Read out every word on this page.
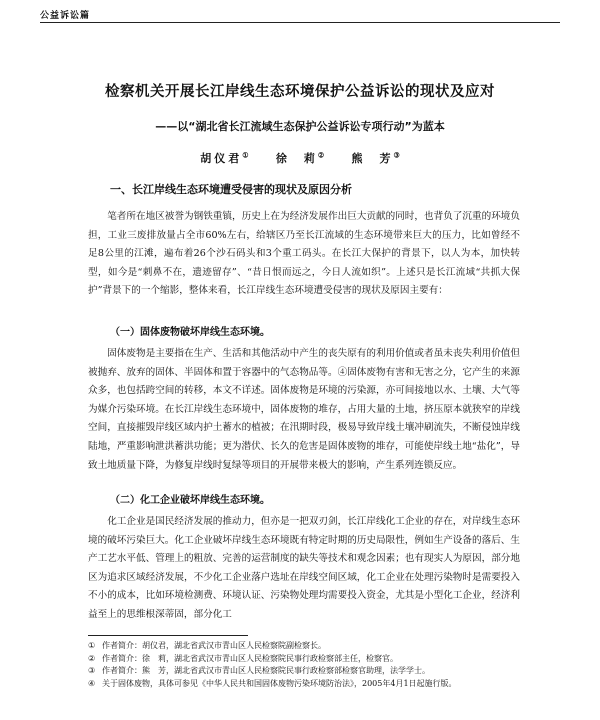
公益诉讼篇
检察机关开展长江岸线生态环境保护公益诉讼的现状及应对
——以“湖北省长江流域生态保护公益诉讼专项行动”为蓝本
胡仪君① 徐　莉② 熊　芳③
一、长江岸线生态环境遭受侵害的现状及原因分析

笔者所在地区被誉为钢铁重镇，历史上在为经济发展作出巨大贡献的同时，也背负了沉重的环境负担，工业三废排放量占全市60%左右，给辖区乃至长江流域的生态环境带来巨大的压力，比如曾经不足8公里的江滩，遍布着26个沙石码头和3个重工码头。在长江大保护的背景下，以人为本，加快转型，如今是“刺鼻不在，遗迹留存”、“昔日恨而远之，今日人流如织”。上述只是长江流域“共抓大保护”背景下的一个缩影，整体来看，长江岸线生态环境遭受侵害的现状及原因主要有：

（一）固体废物破坏岸线生态环境。

固体废物是主要指在生产、生活和其他活动中产生的丧失原有的利用价值或者虽未丧失利用价值但被抛弃、放弃的固体、半固体和置于容器中的气态物品等。④固体废物有害和无害之分，它产生的来源众多，也包括跨空间的转移，本文不详述。固体废物是环境的污染源，亦可间接地以水、土壤、大气等为媒介污染环境。在长江岸线生态环境中，固体废物的堆存，占用大量的土地，挤压原本就狭窄的岸线空间，直接摧毁岸线区域内护土蓄水的植被；在汛期时段，极易导致岸线土壤冲刷流失，不断侵蚀岸线陆地，严重影响泄洪蓄洪功能；更为潜伏、长久的危害是固体废物的堆存，可能使岸线土地“盐化”，导致土地质量下降，为修复岸线时复绿等项目的开展带来极大的影响，产生系列连锁反应。

（二）化工企业破坏岸线生态环境。

化工企业是国民经济发展的推动力，但亦是一把双刃剑，长江岸线化工企业的存在，对岸线生态环境的破坏污染巨大。化工企业破坏岸线生态环境既有特定时期的历史局限性，例如生产设备的落后、生产工艺水平低、管理上的粗放、完善的运营制度的缺失等技术和观念因素；也有现实人为原因，部分地区为追求区域经济发展，不少化工企业落户选址在岸线空间区域，化工企业在处理污染物时是需要投入不小的成本，比如环境检测费、环境认证、污染物处理均需要投入资金，尤其是小型化工企业，经济利益至上的思维根深蒂固，部分化工

① 作者简介：胡仪君，湖北省武汉市青山区人民检察院副检察长。
② 作者简介：徐　莉，湖北省武汉市青山区人民检察院民事行政检察部主任，检察官。
③ 作者简介：熊　芳，湖北省武汉市青山区人民检察院民事行政检察部检察官助理，法学学士。
④ 关于固体废物，具体可参见《中华人民共和国固体废物污染环境防治法》，2005年4月1日起施行版。
